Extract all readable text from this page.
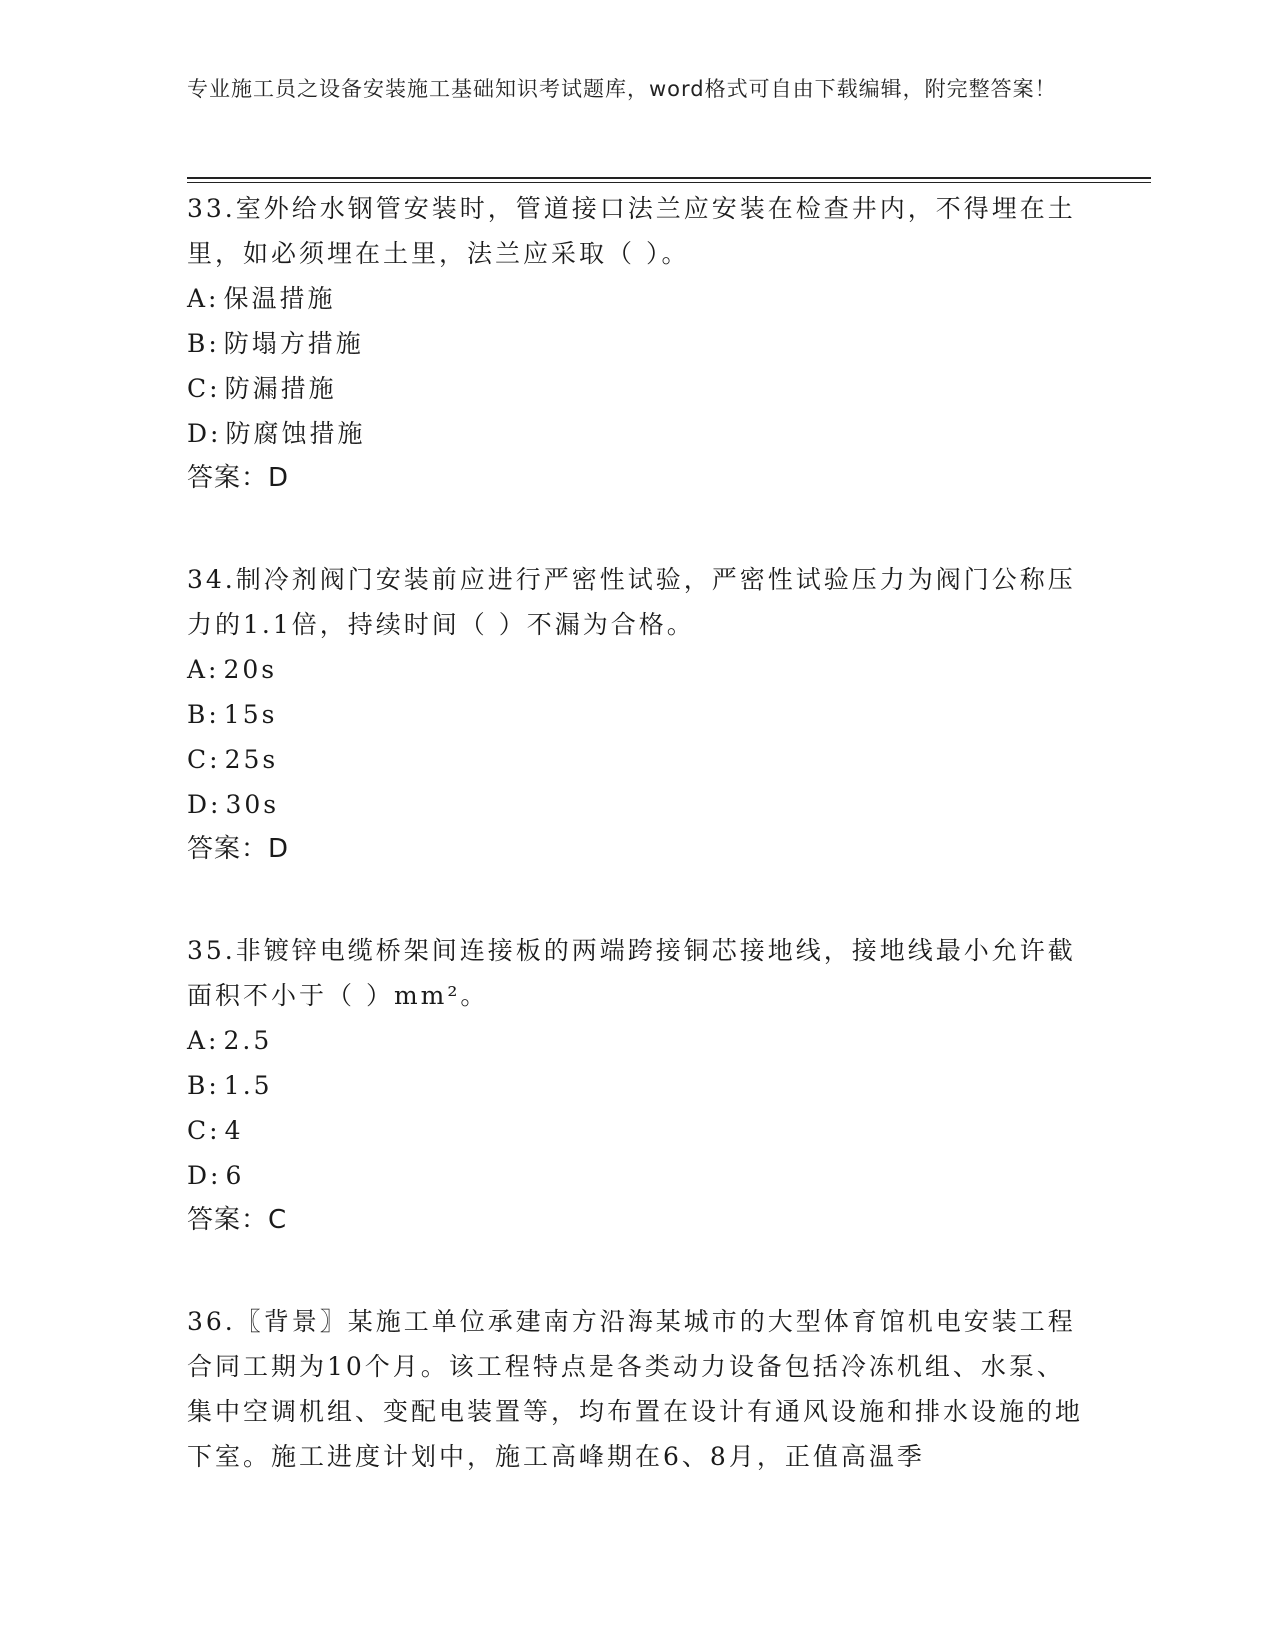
专业施工员之设备安装施工基础知识考试题库，word格式可自由下载编辑，附完整答案！

33.室外给水钢管安装时，管道接口法兰应安装在检查井内，不得埋在土里，如必须埋在土里，法兰应采取（ ）。

A: 保温措施

B: 防塌方措施

C: 防漏措施

D: 防腐蚀措施

答案：D

34.制冷剂阀门安装前应进行严密性试验，严密性试验压力为阀门公称压力的1.1倍，持续时间（ ）不漏为合格。

A: 20s

B: 15s

C: 25s

D: 30s

答案：D

35.非镀锌电缆桥架间连接板的两端跨接铜芯接地线，接地线最小允许截面积不小于（ ）mm²。

A: 2.5

B: 1.5

C: 4

D: 6

答案：C

36.〖背景〗某施工单位承建南方沿海某城市的大型体育馆机电安装工程合同工期为10个月。该工程特点是各类动力设备包括冷冻机组、水泵、集中空调机组、变配电装置等，均布置在设计有通风设施和排水设施的地下室。施工进度计划中，施工高峰期在6、8月，正值高温季
